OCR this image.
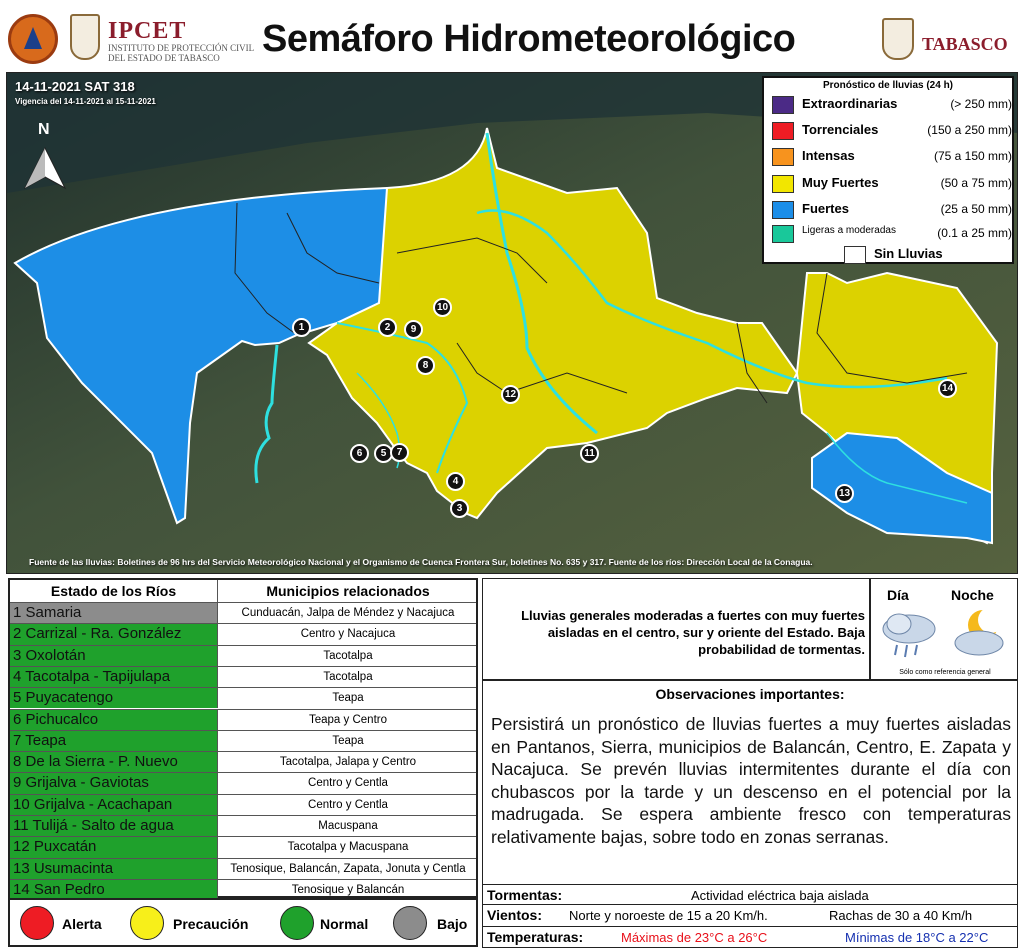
IPCET
INSTITUTO DE PROTECCIÓN CIVIL DEL ESTADO DE TABASCO	Semáforo Hidrometeorológico	TABASCO
N
14-11-2021 SAT 318
Vigencia del 14-11-2021 al 15-11-2021
1	2
3
4
5
6	7
8
9
10
11
12
13
14
Fuente de las lluvias: Boletines de 96 hrs del Servicio Meteorológico Nacional y el Organismo de Cuenca Frontera Sur, boletines No. 635 y 317. Fuente de los ríos: Dirección Local de la Conagua.
Pronóstico de lluvias (24 h)
Extraordinarias	(> 250 mm)
Torrenciales	(150 a 250 mm)
Intensas	(75 a 150 mm)
Muy Fuertes	(50 a 75 mm)
Fuertes	(25 a 50 mm)
Ligeras a moderadas	(0.1 a 25 mm)
Sin Lluvias
Estado de los Ríos	Municipios relacionados
1 Samaria	Cunduacán, Jalpa de Méndez y Nacajuca
2 Carrizal - Ra. González	Centro y Nacajuca
3 Oxolotán	Tacotalpa
4 Tacotalpa - Tapijulapa	Tacotalpa
5 Puyacatengo	Teapa
6 Pichucalco	Teapa y Centro
7 Teapa	Teapa
8 De la Sierra - P. Nuevo	Tacotalpa, Jalapa y Centro
9 Grijalva - Gaviotas	Centro y Centla
10 Grijalva - Acachapan	Centro y Centla
11 Tulijá - Salto de agua	Macuspana
12 Puxcatán	Tacotalpa y Macuspana
13 Usumacinta	Tenosique, Balancán, Zapata, Jonuta y Centla
14 San Pedro	Tenosique y Balancán
Alerta	Precaución	Normal	Bajo
Lluvias generales moderadas a fuertes con muy fuertes aisladas en el centro, sur y oriente del Estado. Baja probabilidad de tormentas.
Día	Noche
Sólo como referencia general
Observaciones importantes:
Persistirá un pronóstico de lluvias fuertes a muy fuertes aisladas en Pantanos, Sierra, municipios de Balancán, Centro, E. Zapata y Nacajuca. Se prevén lluvias intermitentes durante el día con chubascos por la tarde y un descenso en el potencial por la madrugada. Se espera ambiente fresco con temperaturas relativamente bajas, sobre todo en zonas serranas.
Tormentas:	Actividad eléctrica baja aislada
Vientos: Norte y noroeste de 15 a 20 Km/h.	Rachas de 30 a 40 Km/h
Temperaturas:	Máximas de 23°C a 26°C	Mínimas de 18°C a 22°C
